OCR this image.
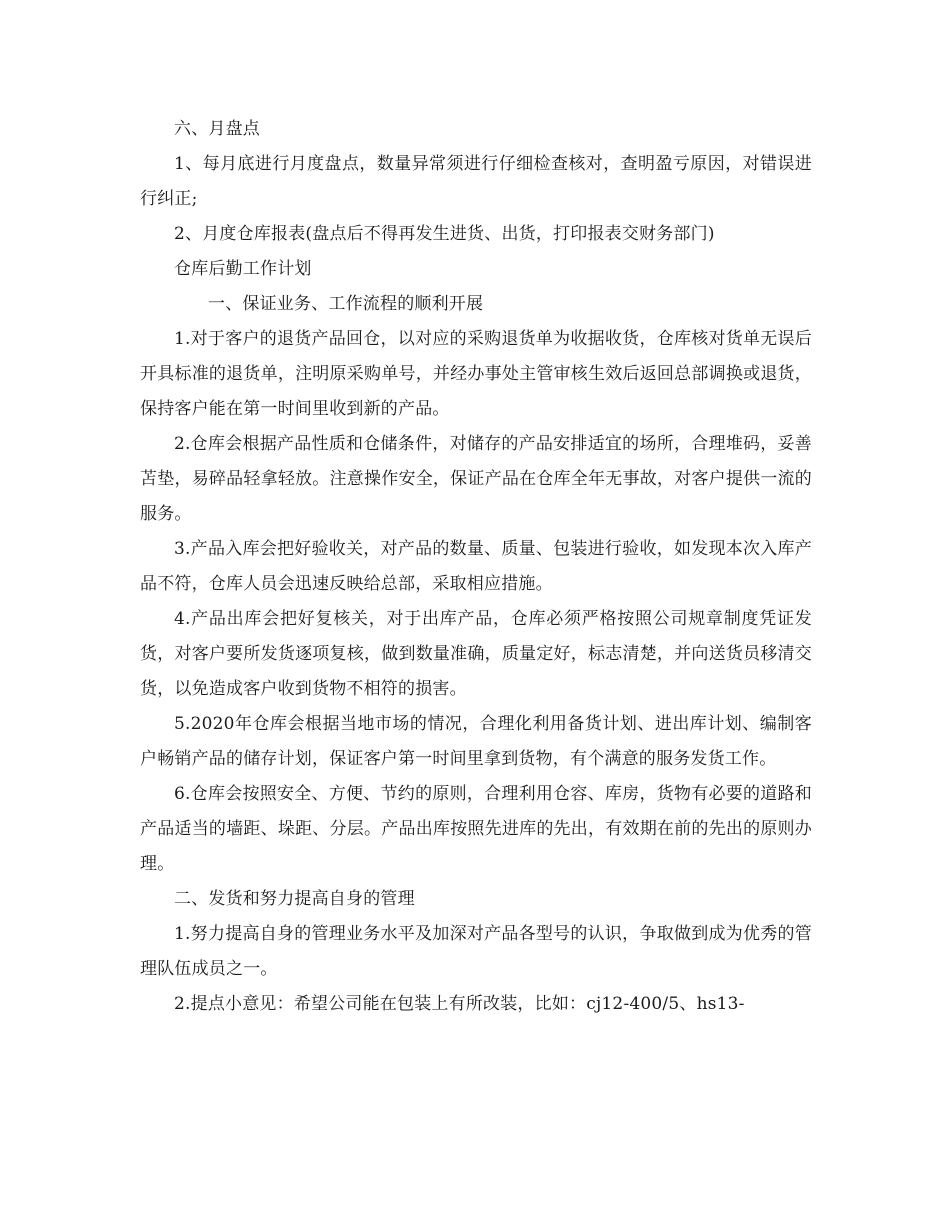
六、月盘点

1、每月底进行月度盘点，数量异常须进行仔细检查核对，查明盈亏原因，对错误进行纠正;

2、月度仓库报表(盘点后不得再发生进货、出货，打印报表交财务部门)

仓库后勤工作计划

一、保证业务、工作流程的顺利开展

1.对于客户的退货产品回仓，以对应的采购退货单为收据收货，仓库核对货单无误后开具标准的退货单，注明原采购单号，并经办事处主管审核生效后返回总部调换或退货，保持客户能在第一时间里收到新的产品。

2.仓库会根据产品性质和仓储条件，对储存的产品安排适宜的场所，合理堆码，妥善苫垫，易碎品轻拿轻放。注意操作安全，保证产品在仓库全年无事故，对客户提供一流的服务。

3.产品入库会把好验收关，对产品的数量、质量、包装进行验收，如发现本次入库产品不符，仓库人员会迅速反映给总部，采取相应措施。

4.产品出库会把好复核关，对于出库产品，仓库必须严格按照公司规章制度凭证发货，对客户要所发货逐项复核，做到数量准确，质量定好，标志清楚，并向送货员移清交货，以免造成客户收到货物不相符的损害。

5.2020年仓库会根据当地市场的情况，合理化利用备货计划、进出库计划、编制客户畅销产品的储存计划，保证客户第一时间里拿到货物，有个满意的服务发货工作。

6.仓库会按照安全、方便、节约的原则，合理利用仓容、库房，货物有必要的道路和产品适当的墙距、垛距、分层。产品出库按照先进库的先出，有效期在前的先出的原则办理。

二、发货和努力提高自身的管理

1.努力提高自身的管理业务水平及加深对产品各型号的认识，争取做到成为优秀的管理队伍成员之一。

2.提点小意见：希望公司能在包装上有所改装，比如：cj12-400/5、hs13-
